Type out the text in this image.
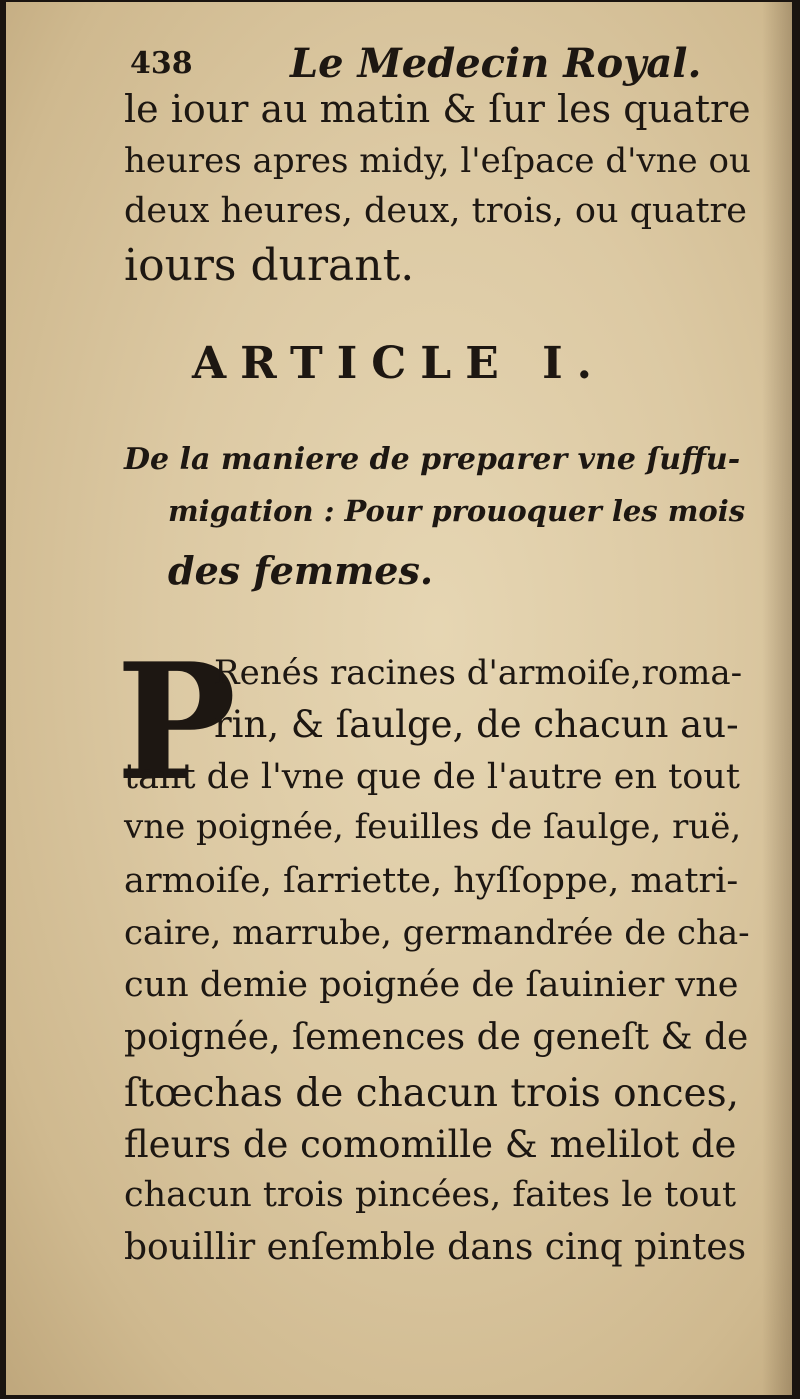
438 Le Medecin Royal.
le iour au matin & ſur les quatre
heures apres midy, l'eſpace d'vne ou
deux heures, deux, trois, ou quatre
iours durant.
ARTICLE I.
De la maniere de preparer vne ſuffu-
migation : Pour prouoquer les mois
des femmes.
P
Renés racines d'armoiſe,roma-
rin, & ſaulge, de chacun au-
tant de l'vne que de l'autre en tout
vne poignée, feuilles de ſaulge, ruë,
armoiſe, ſarriette, hyſſoppe, matri-
caire, marrube, germandrée de cha-
cun demie poignée de ſauinier vne
poignée, ſemences de geneſt & de
ſtœchas de chacun trois onces,
fleurs de comomille & melilot de
chacun trois pincées, faites le tout
bouillir enſemble dans cinq pintes
